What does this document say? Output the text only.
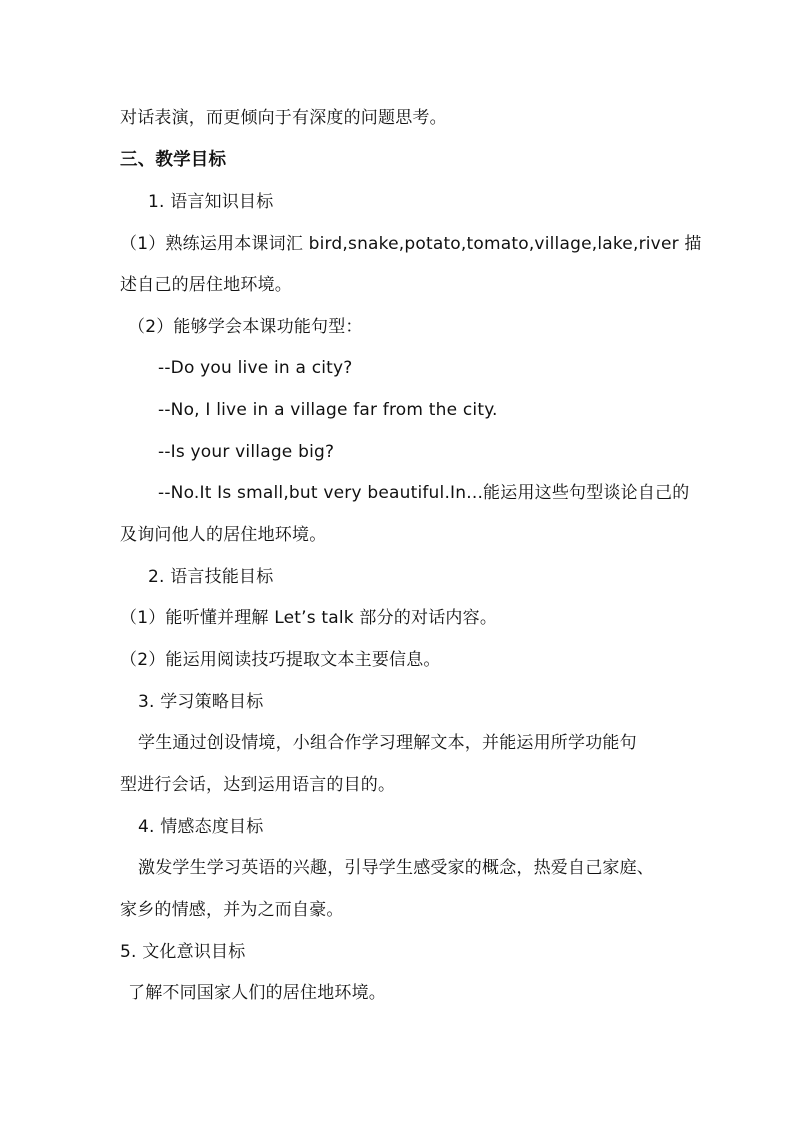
对话表演，而更倾向于有深度的问题思考。
三、教学目标
1. 语言知识目标
（1）熟练运用本课词汇 bird,snake,potato,tomato,village,lake,river 描
述自己的居住地环境。
（2）能够学会本课功能句型：
--Do you live in a city?
--No, I live in a village far from the city.
--Is your village big?
--No.It Is small,but very beautiful.In...能运用这些句型谈论自己的
及询问他人的居住地环境。
2. 语言技能目标
（1）能听懂并理解 Let’s talk 部分的对话内容。
（2）能运用阅读技巧提取文本主要信息。
3. 学习策略目标
学生通过创设情境，小组合作学习理解文本，并能运用所学功能句
型进行会话，达到运用语言的目的。
4. 情感态度目标
激发学生学习英语的兴趣，引导学生感受家的概念，热爱自己家庭、
家乡的情感，并为之而自豪。
5. 文化意识目标
了解不同国家人们的居住地环境。
